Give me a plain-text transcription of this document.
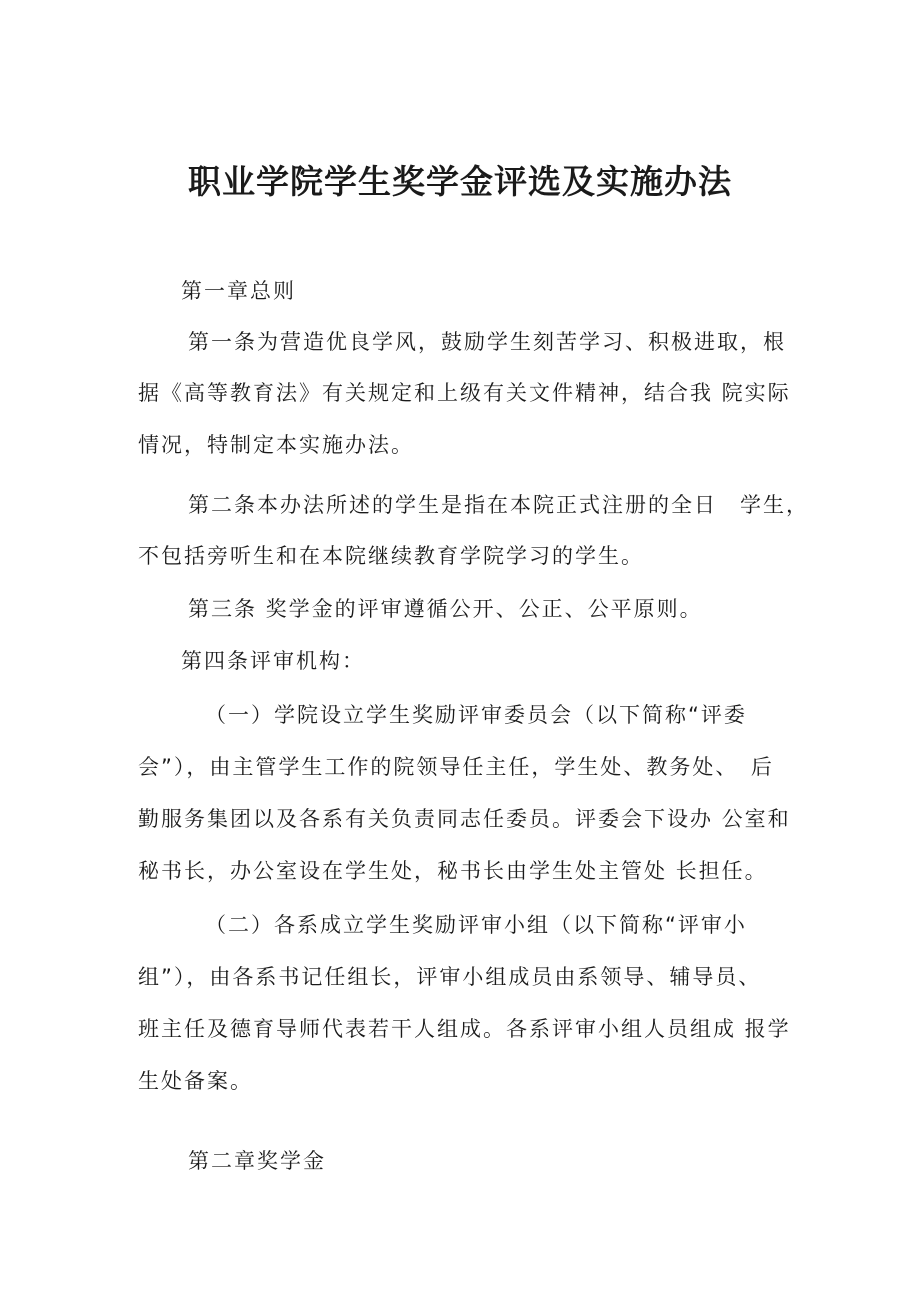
职业学院学生奖学金评选及实施办法
第一章总则
第一条为营造优良学风，鼓励学生刻苦学习、积极进取，根
据《高等教育法》有关规定和上级有关文件精神，结合我 院实际
情况，特制定本实施办法。
第二条本办法所述的学生是指在本院正式注册的全日　学生，
不包括旁听生和在本院继续教育学院学习的学生。
第三条 奖学金的评审遵循公开、公正、公平原则。
第四条评审机构：
（一）学院设立学生奖励评审委员会（以下简称“评委
会”），由主管学生工作的院领导任主任，学生处、教务处、　后
勤服务集团以及各系有关负责同志任委员。评委会下设办 公室和
秘书长，办公室设在学生处，秘书长由学生处主管处 长担任。
（二）各系成立学生奖励评审小组（以下简称“评审小
组”），由各系书记任组长，评审小组成员由系领导、辅导员、
班主任及德育导师代表若干人组成。各系评审小组人员组成 报学
生处备案。
第二章奖学金
